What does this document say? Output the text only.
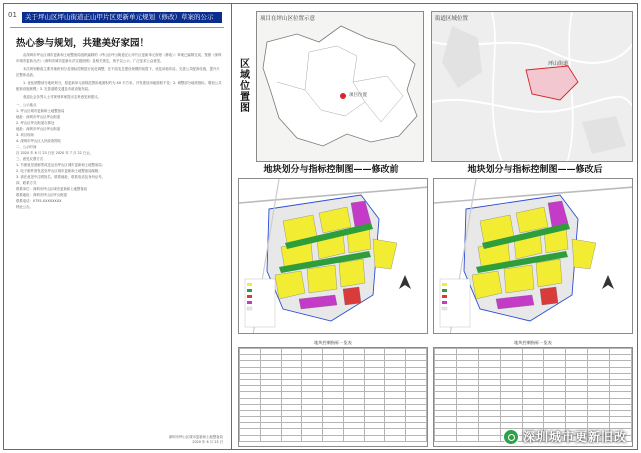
01	关于坪山区坪山街道正山甲片区更新单元规划（修改）草案的公示
热心参与规划，共建美好家园！

由深圳市坪山区城市更新和土地整备局组织编制的《坪山区坪山街道正山甲片区更新单元规划（修改）》草案已编制完成，按照《深圳市城市更新办法》《深圳市城市更新办法实施细则》及相关规定，现予以公示，广泛征求公众意见。

本次规划修改主要对地块划分及指标控制进行优化调整，在不改变总建设规模的前提下，优化用地布局，完善公共配套设施，提升片区整体品质。

1. 优化调整部分地块划分，原更新单元拆除范围用地面积约为 XX 平方米，开发建设用地面积不变；2. 调整部分地块指标，增加公共配套设施规模；3. 完善道路交通及市政设施布局。

欢迎社会各界人士对规划草案提出宝贵意见和建议。

一、公示地点
1. 坪山区城市更新和土地整备局
地址：深圳市坪山区坪山街道
2. 坪山区坪山街道办事处
地址：深圳市坪山区坪山街道
3. 项目现场
4. 深圳市坪山区人民政府网站
二、公示时间
自 2020 年 6 月 23 日至 2020 年 7 月 22 日止。
三、意见反馈方式
1. 书面意见请邮寄或送达至坪山区城市更新和土地整备局；
2. 电子邮件请发送至坪山区城市更新和土地整备局邮箱；
3. 请在意见中注明姓名、联系地址、联系电话及身份证号。
四、联系方式
联系单位：深圳市坪山区城市更新和土地整备局
联系地址：深圳市坪山区坪山街道
联系电话：0755-XXXXXXXX
特此公告。
深圳市坪山区城市更新和土地整备局
2020 年 6 月 23 日
区域位置图
项目在坪山区位置示意
项目位置
街道区域位置
坪山街道
地块划分与指标控制图——修改前	地块划分与指标控制图——修改后
地块控制指标一览表	地块控制指标一览表

深圳城市更新旧改
